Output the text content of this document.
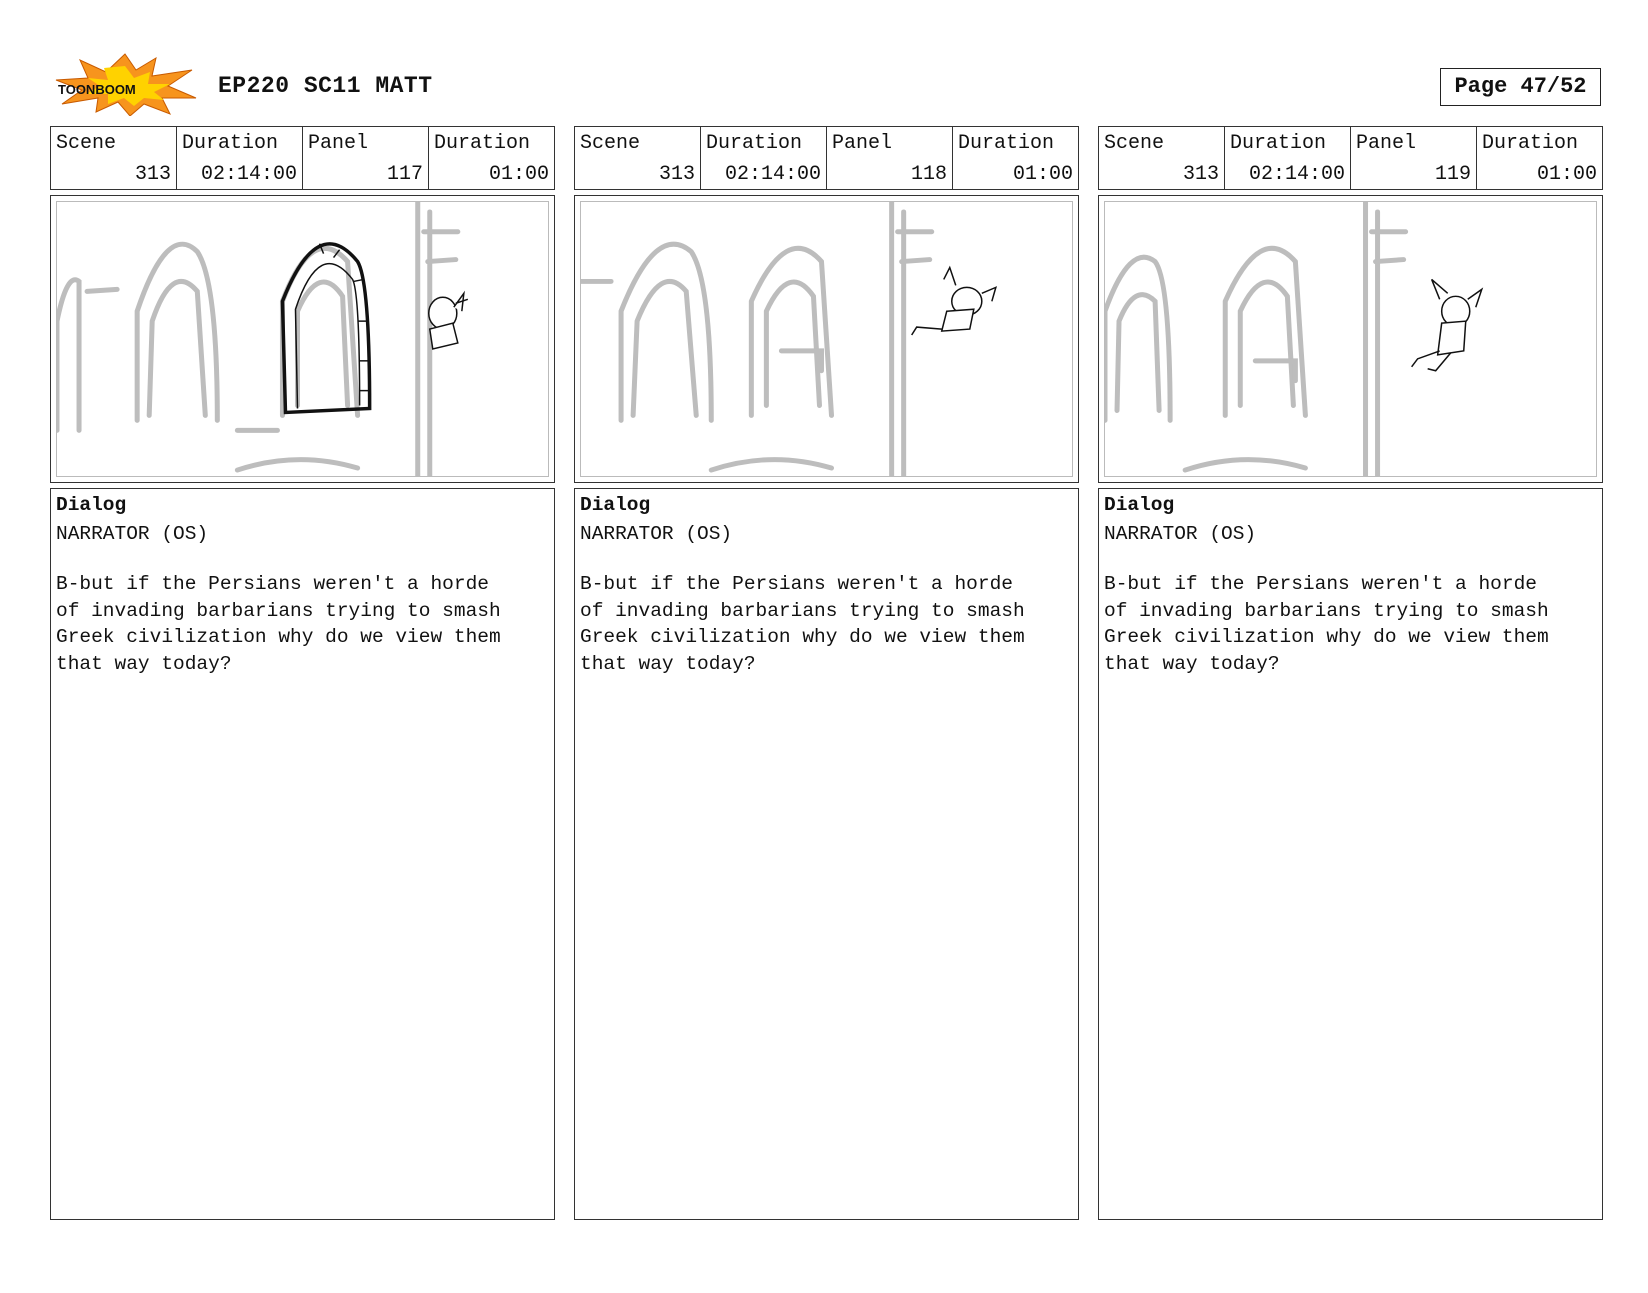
TOONBOOM	EP220 SC11 MATT	Page 47/52
Scene
313
Duration
02:14:00
Panel
117
Duration
01:00
Dialog
NARRATOR (OS)
B-but if the Persians weren't a horde
of invading barbarians trying to smash
Greek civilization why do we view them
that way today?
Scene
313
Duration
02:14:00
Panel
118
Duration
01:00
Dialog
NARRATOR (OS)
B-but if the Persians weren't a horde
of invading barbarians trying to smash
Greek civilization why do we view them
that way today?
Scene
313
Duration
02:14:00
Panel
119
Duration
01:00
Dialog
NARRATOR (OS)
B-but if the Persians weren't a horde
of invading barbarians trying to smash
Greek civilization why do we view them
that way today?
